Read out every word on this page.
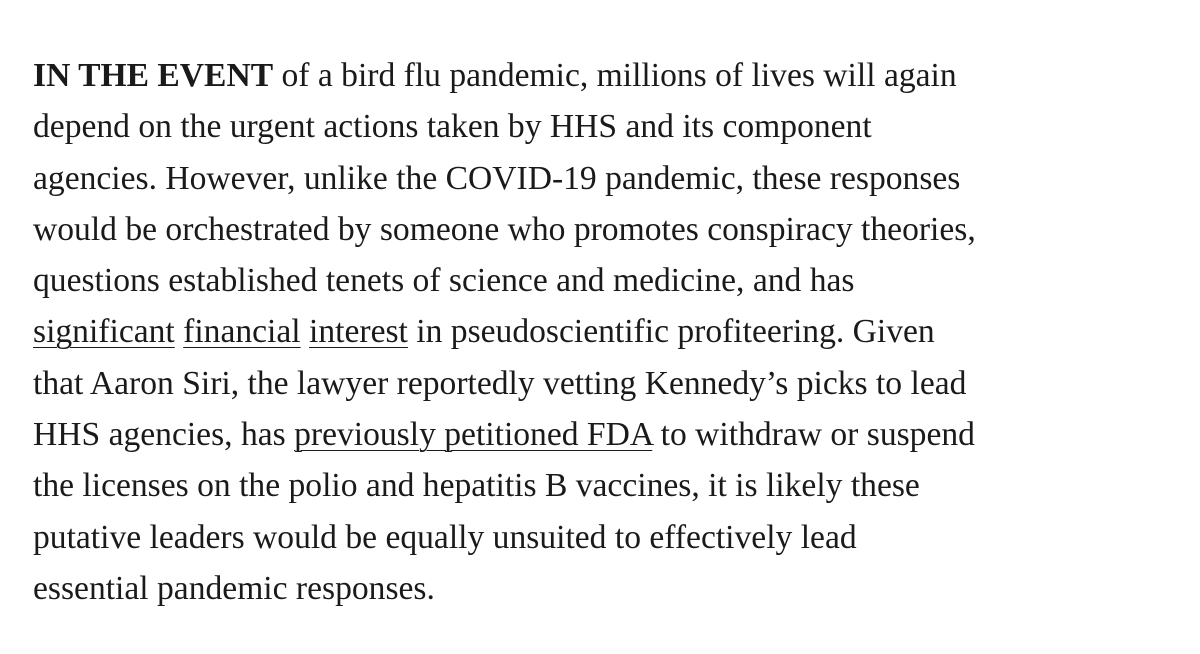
IN THE EVENT of a bird flu pandemic, millions of lives will again
depend on the urgent actions taken by HHS and its component
agencies. However, unlike the COVID-19 pandemic, these responses
would be orchestrated by someone who promotes conspiracy theories,
questions established tenets of science and medicine, and has
significant financial interest in pseudoscientific profiteering. Given
that Aaron Siri, the lawyer reportedly vetting Kennedy’s picks to lead
HHS agencies, has previously petitioned FDA to withdraw or suspend
the licenses on the polio and hepatitis B vaccines, it is likely these
putative leaders would be equally unsuited to effectively lead
essential pandemic responses.
